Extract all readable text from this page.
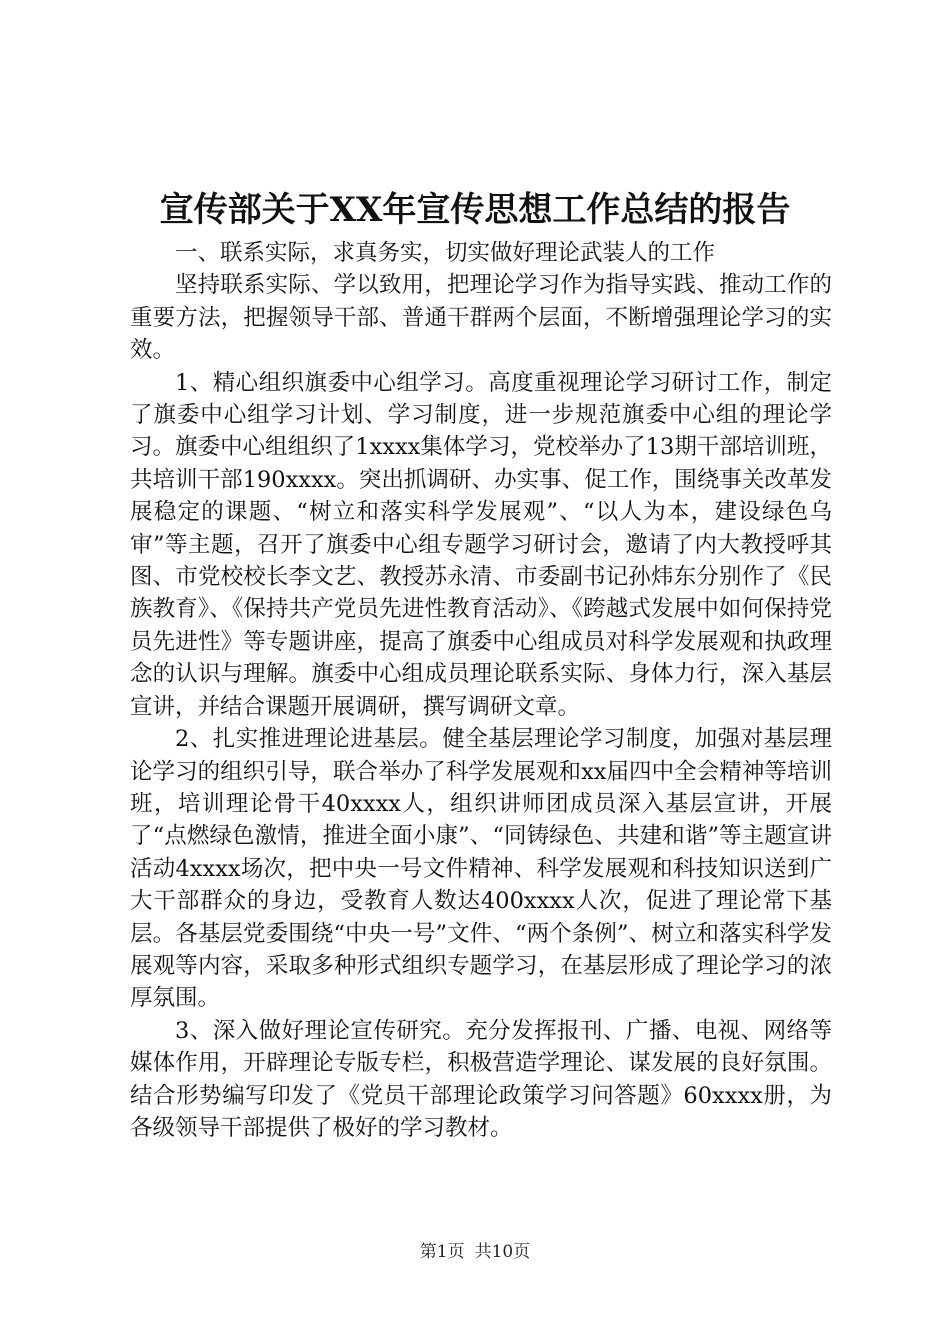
宣传部关于XX年宣传思想工作总结的报告

一、联系实际，求真务实，切实做好理论武装人的工作

坚持联系实际、学以致用，把理论学习作为指导实践、推动工作的重要方法，把握领导干部、普通干群两个层面，不断增强理论学习的实效。

1、精心组织旗委中心组学习。高度重视理论学习研讨工作，制定了旗委中心组学习计划、学习制度，进一步规范旗委中心组的理论学习。旗委中心组组织了1xxxx集体学习，党校举办了13期干部培训班，共培训干部190xxxx。突出抓调研、办实事、促工作，围绕事关改革发展稳定的课题、“树立和落实科学发展观”、“以人为本，建设绿色乌审”等主题，召开了旗委中心组专题学习研讨会，邀请了内大教授呼其图、市党校校长李文艺、教授苏永清、市委副书记孙炜东分别作了《民族教育》、《保持共产党员先进性教育活动》、《跨越式发展中如何保持党员先进性》等专题讲座，提高了旗委中心组成员对科学发展观和执政理念的认识与理解。旗委中心组成员理论联系实际、身体力行，深入基层宣讲，并结合课题开展调研，撰写调研文章。

2、扎实推进理论进基层。健全基层理论学习制度，加强对基层理论学习的组织引导，联合举办了科学发展观和xx届四中全会精神等培训班，培训理论骨干40xxxx人，组织讲师团成员深入基层宣讲，开展了“点燃绿色激情，推进全面小康”、“同铸绿色、共建和谐”等主题宣讲活动4xxxx场次，把中央一号文件精神、科学发展观和科技知识送到广大干部群众的身边，受教育人数达400xxxx人次，促进了理论常下基层。各基层党委围绕“中央一号”文件、“两个条例”、树立和落实科学发展观等内容，采取多种形式组织专题学习，在基层形成了理论学习的浓厚氛围。

3、深入做好理论宣传研究。充分发挥报刊、广播、电视、网络等媒体作用，开辟理论专版专栏，积极营造学理论、谋发展的良好氛围。结合形势编写印发了《党员干部理论政策学习问答题》60xxxx册，为各级领导干部提供了极好的学习教材。

第1页 共10页
